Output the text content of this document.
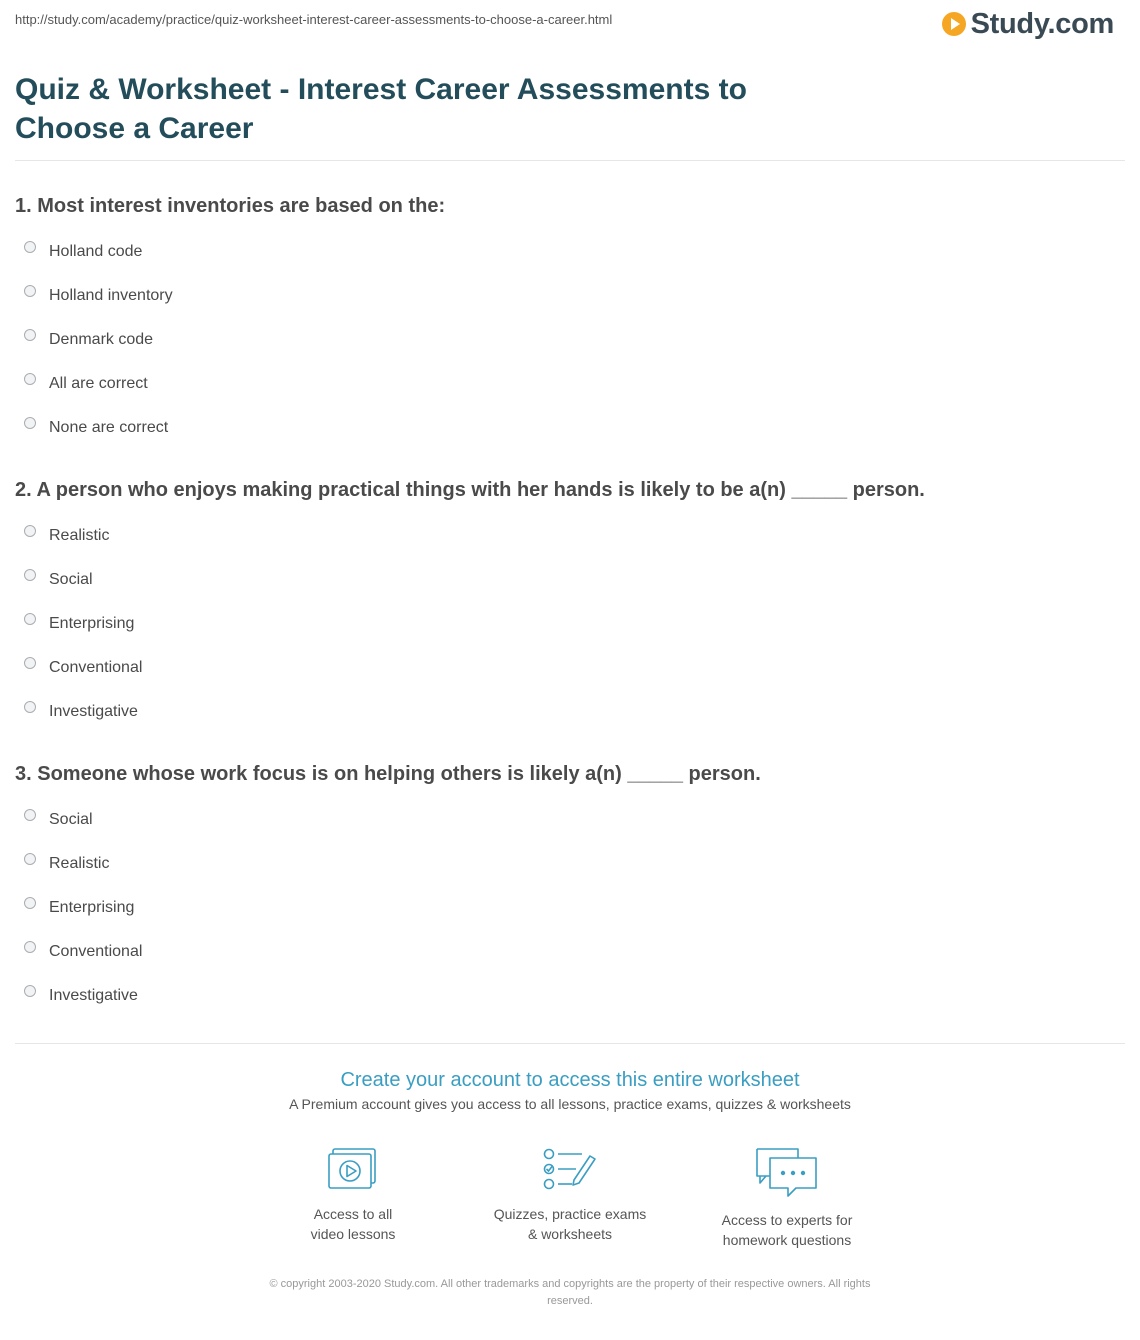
http://study.com/academy/practice/quiz-worksheet-interest-career-assessments-to-choose-a-career.html	Study.com
Quiz & Worksheet - Interest Career Assessments to Choose a Career

1. Most interest inventories are based on the:

Holland code
Holland inventory
Denmark code
All are correct
None are correct

2. A person who enjoys making practical things with her hands is likely to be a(n) _____ person.

Realistic
Social
Enterprising
Conventional
Investigative

3. Someone whose work focus is on helping others is likely a(n) _____ person.

Social
Realistic
Enterprising
Conventional
Investigative

Create your account to access this entire worksheet

A Premium account gives you access to all lessons, practice exams, quizzes & worksheets
Access to all
video lessons
Quizzes, practice exams
& worksheets
Access to experts for
homework questions
© copyright 2003-2020 Study.com. All other trademarks and copyrights are the property of their respective owners. All rights
reserved.
